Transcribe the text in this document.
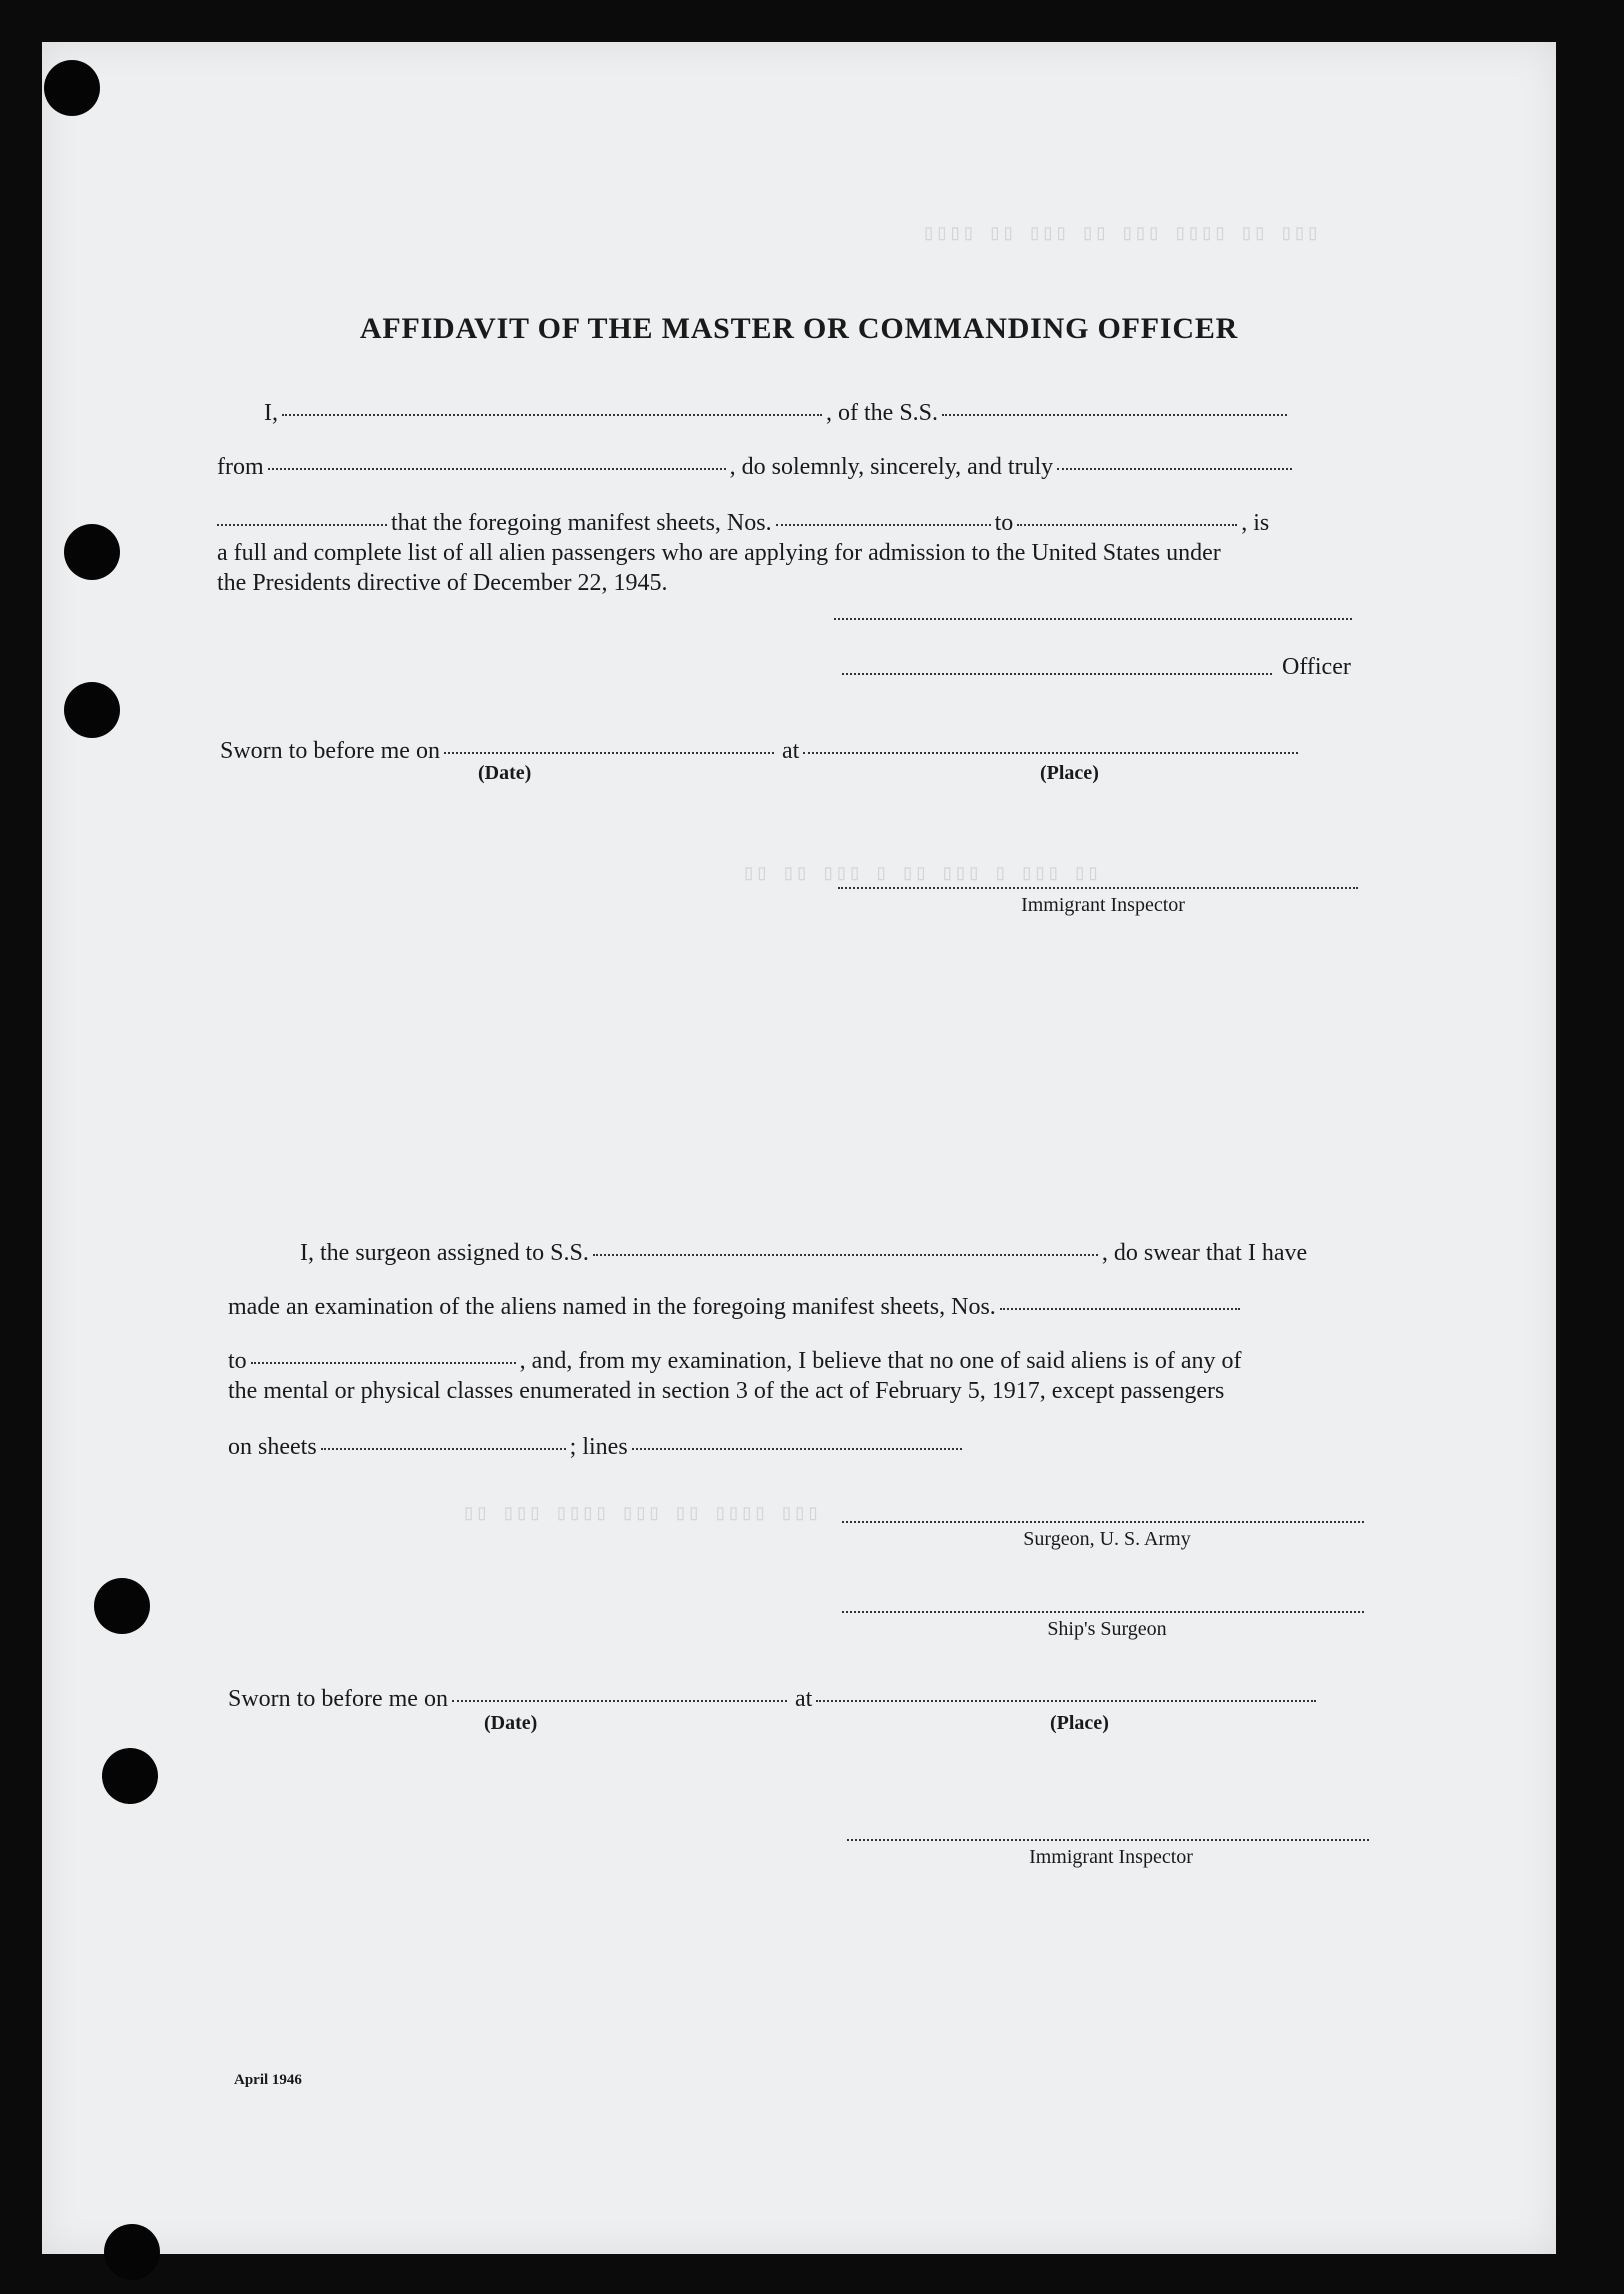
▯▯▯ ▯▯ ▯▯▯▯ ▯▯▯ ▯▯ ▯▯▯ ▯▯ ▯▯▯▯
▯▯ ▯▯▯ ▯ ▯▯▯ ▯▯ ▯ ▯▯▯ ▯▯ ▯▯
▯▯▯ ▯▯▯▯ ▯▯ ▯▯▯ ▯▯▯▯ ▯▯▯ ▯▯
AFFIDAVIT OF THE MASTER OR COMMANDING OFFICER
I,	, of the S.S.
from	, do solemnly, sincerely, and truly
that the foregoing manifest sheets, Nos.	to	, is
a full and complete list of all alien passengers who are applying for admission to the United States under
the Presidents directive of December 22, 1945.
Officer
Sworn to before me on	at
(Date)	(Place)
Immigrant Inspector
I, the surgeon assigned to S.S.	, do swear that I have
made an examination of the aliens named in the foregoing manifest sheets, Nos.
to	, and, from my examination, I believe that no one of said aliens is of any of
the mental or physical classes enumerated in section 3 of the act of February 5, 1917, except passengers
on sheets	; lines
Surgeon, U. S. Army
Ship's Surgeon
Sworn to before me on	at
(Date)	(Place)
Immigrant Inspector
April 1946
